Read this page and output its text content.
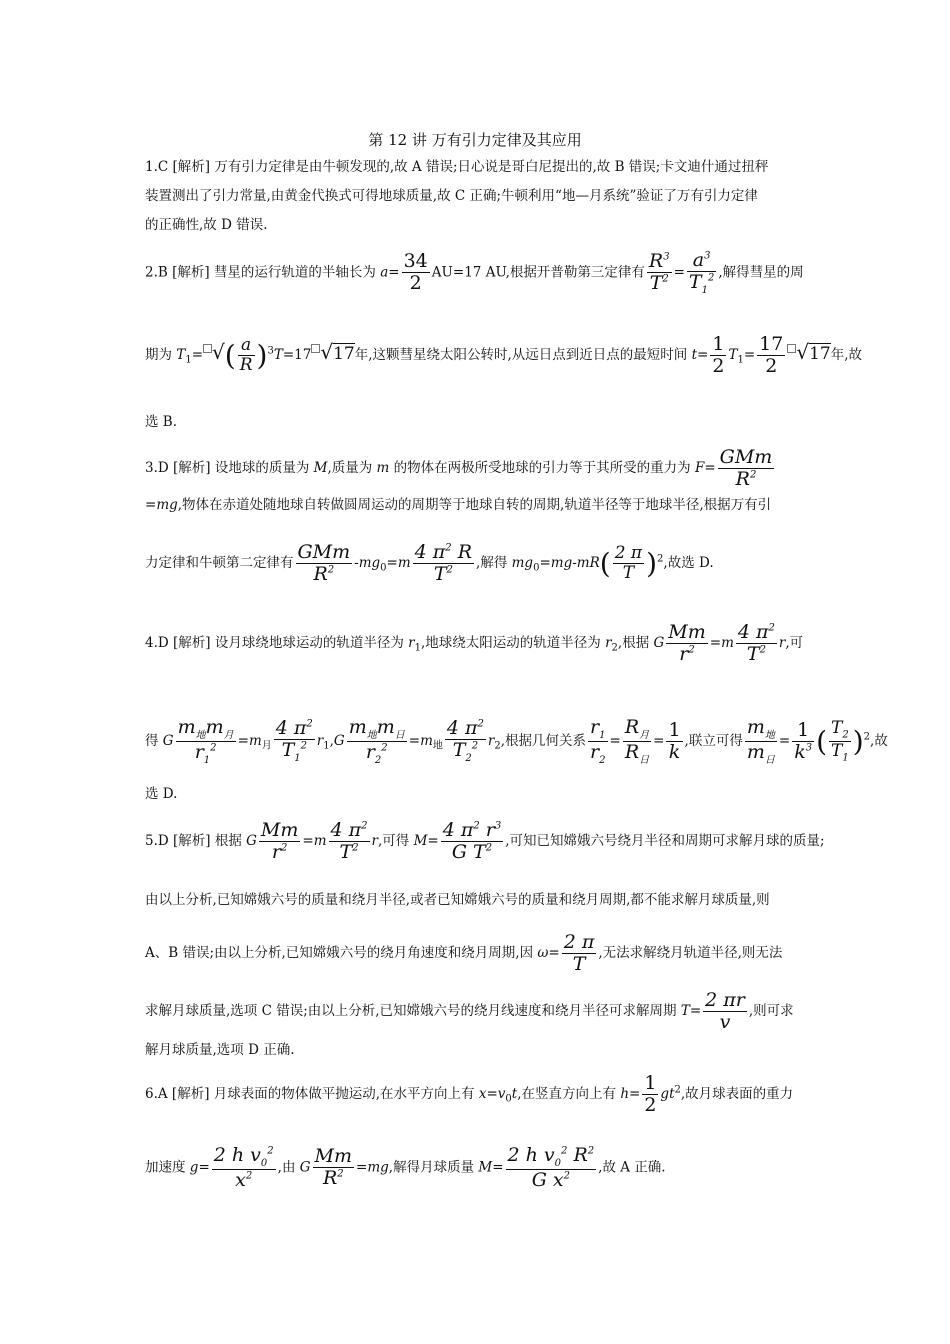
第 12 讲 万有引力定律及其应用
1.C [解析] 万有引力定律是由牛顿发现的,故 A 错误;日心说是哥白尼提出的,故 B 错误;卡文迪什通过扭秤
装置测出了引力常量,由黄金代换式可得地球质量,故 C 正确;牛顿利用“地—月系统”验证了万有引力定律
的正确性,故 D 错误.
2.B [解析] 彗星的运行轨道的半轴长为 $a= \frac{34}{2} AU=17$ AU,根据开普勒第三定律有 $\frac{R^3}{T^2} = \frac{a^3}{T_1^2}$ ,解得彗星的周
期为 $T_1=$ √( $\frac{a}{R} )^3T=17$ √17年,这颗彗星绕太阳公转时,从远日点到近日点的最短时间 $t= \frac{1}{2} T_1= \frac{17}{2} √17$年,故
选 B.
3.D [解析] 设地球的质量为 M,质量为 m 的物体在两极所受地球的引力等于其所受的重力为 $F= \frac{\text{GMm}}{R^2}$
=mg,物体在赤道处随地球自转做圆周运动的周期等于地球自转的周期,轨道半径等于地球半径,根据万有引
力定律和牛顿第二定律有 $\frac{\text{GMm}}{R^2} -mg_0=m \frac{4 \pi^2 R}{T^2}$ ,解得 $mg_0=mg-mR( \frac{2 \pi}{T} )^2$,故选 D.
4.D [解析] 设月球绕地球运动的轨道半径为 $r_1$,地球绕太阳运动的轨道半径为 $r_2$,根据 G $\frac{Mm}{r^2} =m \frac{4 \pi^2}{T^2} r$,可
得 G $\frac{m_地m_月}{r_1^2} =m_月 \frac{4 \pi^2}{T_1^2} r_1,G \frac{m_地m_日}{r_2^2} =m_地 \frac{4 \pi^2}{T_2^2} r_2$,根据几何关系 $\frac{r_1}{r_2} = \frac{R_月}{R_日} = \frac{1}{k}$ ,联立可得 $\frac{m_地}{m_日} = \frac{1}{k^3}$ ( $\frac{T_2}{T_1} )^2$,故
选 D.
5.D [解析] 根据 G $\frac{Mm}{r^2} =m \frac{4 \pi^2}{T^2} r$,可得 $M= \frac{4 \pi^2 r^3}{G T^2}$ ,可知已知嫦娥六号绕月半径和周期可求解月球的质量;
由以上分析,已知嫦娥六号的质量和绕月半径,或者已知嫦娥六号的质量和绕月周期,都不能求解月球质量,则
A、B 错误;由以上分析,已知嫦娥六号的绕月角速度和绕月周期,因 $\omega= \frac{2 \pi}{T}$ ,无法求解绕月轨道半径,则无法
求解月球质量,选项 C 错误;由以上分析,已知嫦娥六号的绕月线速度和绕月半径可求解周期 $T= \frac{2 \pi r}{v}$ ,则可求
解月球质量,选项 D 正确.
6.A [解析] 月球表面的物体做平抛运动,在水平方向上有 $x=v_0t$,在竖直方向上有 $h= \frac{1}{2} gt^2$,故月球表面的重力
加速度 $g= \frac{2 h v_0^2}{x^2}$ ,由 G $\frac{Mm}{R^2} =mg$,解得月球质量 $M= \frac{2 h v_0^2 R^2}{G x^2}$ ,故 A 正确.
